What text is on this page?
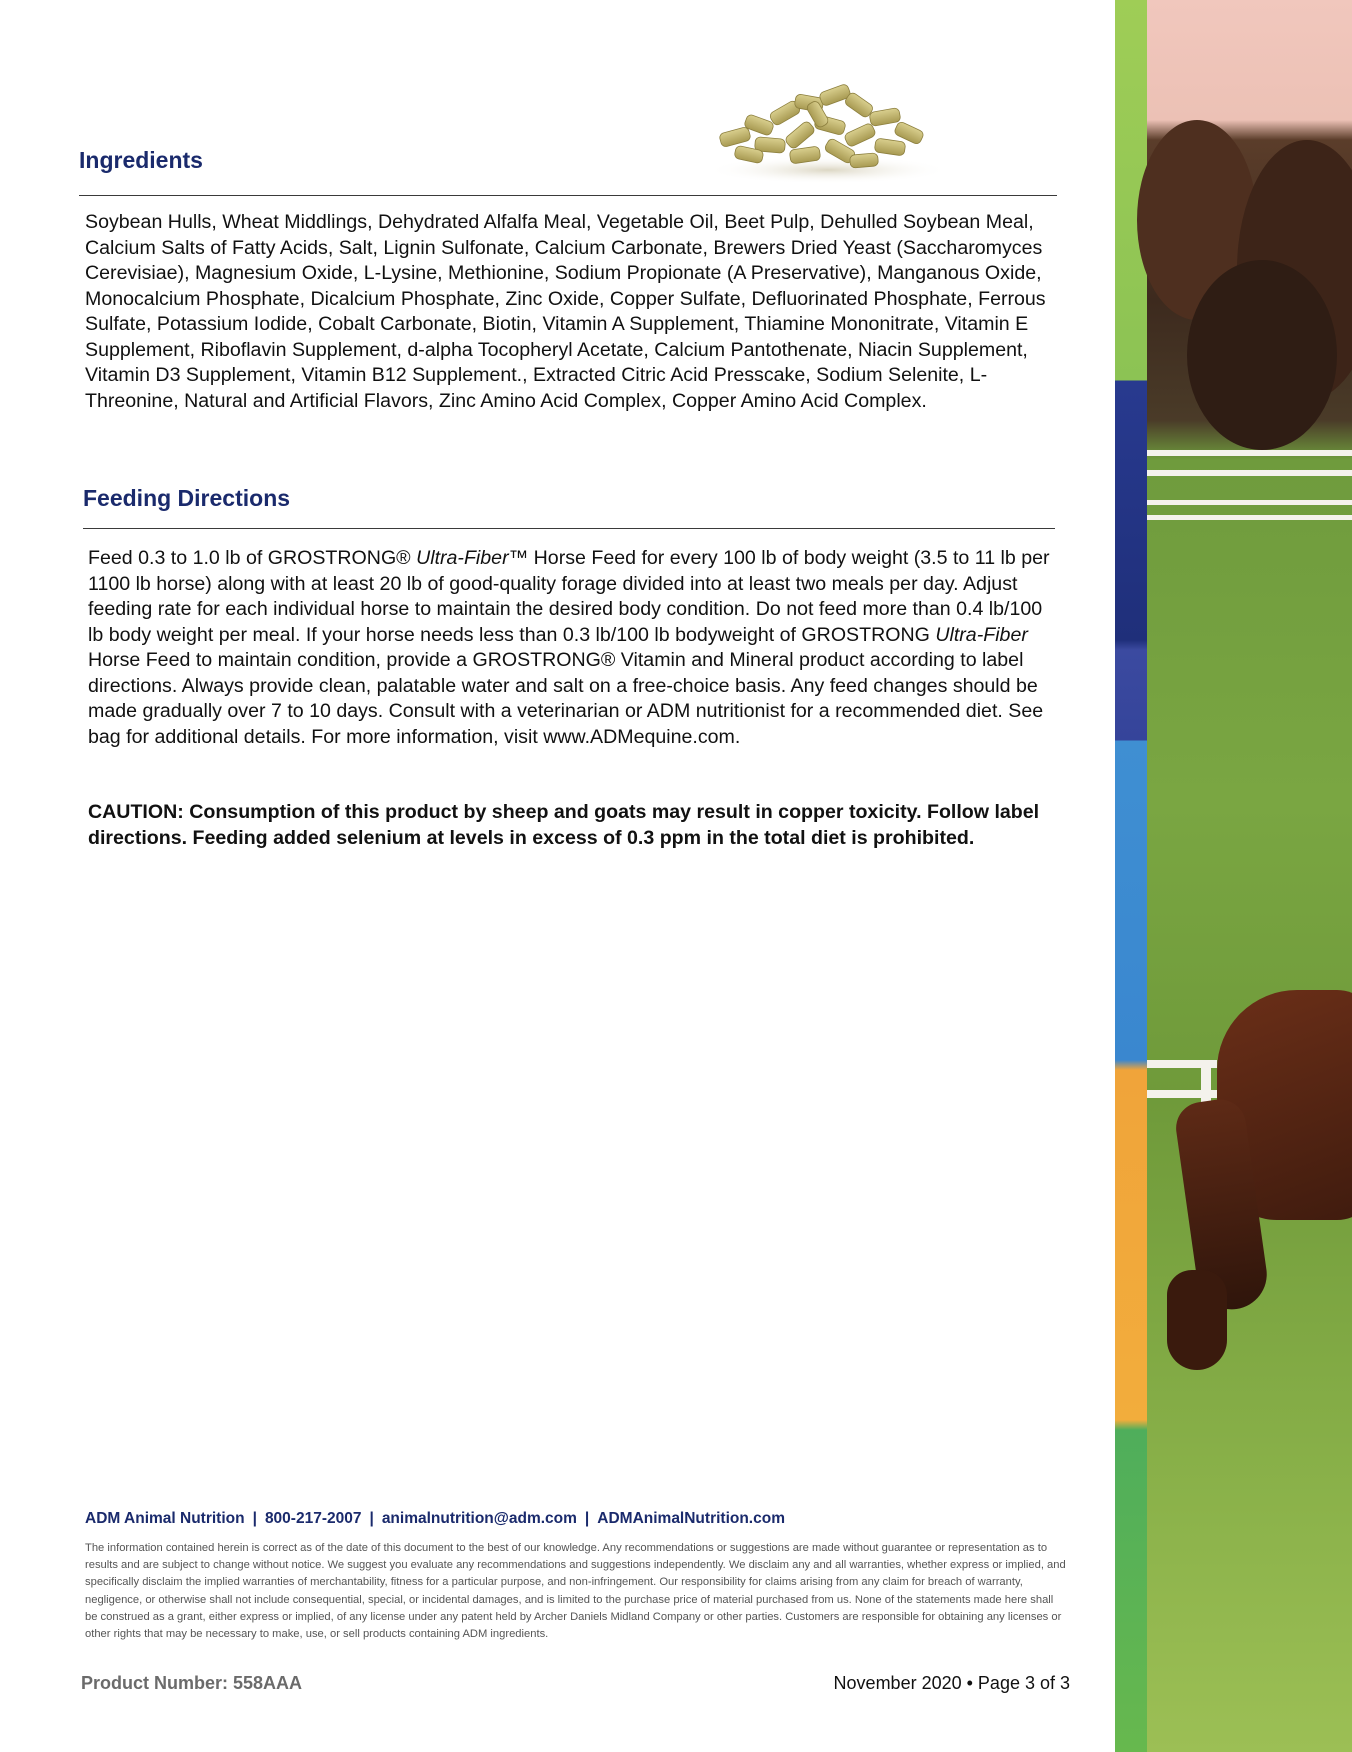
Ingredients

Soybean Hulls, Wheat Middlings, Dehydrated Alfalfa Meal, Vegetable Oil, Beet Pulp, Dehulled Soybean Meal, Calcium Salts of Fatty Acids, Salt, Lignin Sulfonate, Calcium Carbonate, Brewers Dried Yeast (Saccharomyces Cerevisiae), Magnesium Oxide, L-Lysine, Methionine, Sodium Propionate (A Preservative), Manganous Oxide, Monocalcium Phosphate, Dicalcium Phosphate, Zinc Oxide, Copper Sulfate, Defluorinated Phosphate, Ferrous Sulfate, Potassium Iodide, Cobalt Carbonate, Biotin, Vitamin A Supplement, Thiamine Mononitrate, Vitamin E Supplement, Riboflavin Supplement, d-alpha Tocopheryl Acetate, Calcium Pantothenate, Niacin Supplement, Vitamin D3 Supplement, Vitamin B12 Supplement., Extracted Citric Acid Presscake, Sodium Selenite, L-Threonine, Natural and Artificial Flavors, Zinc Amino Acid Complex, Copper Amino Acid Complex.

Feeding Directions

Feed 0.3 to 1.0 lb of GROSTRONG® Ultra-Fiber™ Horse Feed for every 100 lb of body weight (3.5 to 11 lb per 1100 lb horse) along with at least 20 lb of good-quality forage divided into at least two meals per day. Adjust feeding rate for each individual horse to maintain the desired body condition. Do not feed more than 0.4 lb/100 lb body weight per meal. If your horse needs less than 0.3 lb/100 lb bodyweight of GROSTRONG Ultra-Fiber Horse Feed to maintain condition, provide a GROSTRONG® Vitamin and Mineral product according to label directions. Always provide clean, palatable water and salt on a free-choice basis. Any feed changes should be made gradually over 7 to 10 days. Consult with a veterinarian or ADM nutritionist for a recommended diet. See bag for additional details. For more information, visit www.ADMequine.com.

CAUTION: Consumption of this product by sheep and goats may result in copper toxicity. Follow label directions. Feeding added selenium at levels in excess of 0.3 ppm in the total diet is prohibited.

ADM Animal Nutrition | 800-217-2007 | animalnutrition@adm.com | ADMAnimalNutrition.com

The information contained herein is correct as of the date of this document to the best of our knowledge. Any recommendations or suggestions are made without guarantee or representation as to results and are subject to change without notice. We suggest you evaluate any recommendations and suggestions independently. We disclaim any and all warranties, whether express or implied, and specifically disclaim the implied warranties of merchantability, fitness for a particular purpose, and non-infringement. Our responsibility for claims arising from any claim for breach of warranty, negligence, or otherwise shall not include consequential, special, or incidental damages, and is limited to the purchase price of material purchased from us. None of the statements made here shall be construed as a grant, either express or implied, of any license under any patent held by Archer Daniels Midland Company or other parties. Customers are responsible for obtaining any licenses or other rights that may be necessary to make, use, or sell products containing ADM ingredients.

Product Number: 558AAA	November 2020 • Page 3 of 3
